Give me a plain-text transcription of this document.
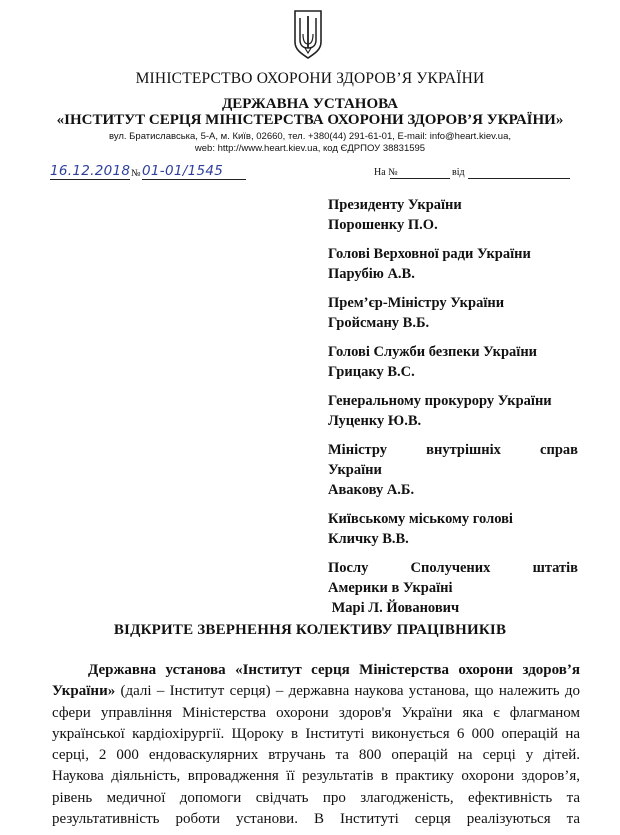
МІНІСТЕРСТВО ОХОРОНИ ЗДОРОВ’Я УКРАЇНИ
ДЕРЖАВНА УСТАНОВА
«ІНСТИТУТ СЕРЦЯ МІНІСТЕРСТВА ОХОРОНИ ЗДОРОВ’Я УКРАЇНИ»
вул. Братиславська, 5-А, м. Київ, 02660, тел. +380(44) 291-61-01, E-mail: info@heart.kiev.ua,
web: http://www.heart.kiev.ua, код ЄДРПОУ 38831595
16.12.2018 № 01-01/1545	На №	від
Президенту України
Порошенку П.О.
Голові Верховної ради України
Парубію А.В.
Прем’єр-Міністру України
Гройсману В.Б.
Голові Служби безпеки України
Грицаку В.С.
Генеральному прокурору України
Луценку Ю.В.
Міністру	внутрішніх	справ
України
Авакову А.Б.
Київському міському голові
Кличку В.В.
Послу	Сполучених	штатів
Америки в Україні
Марі Л. Йованович
ВІДКРИТЕ ЗВЕРНЕННЯ КОЛЕКТИВУ ПРАЦІВНИКІВ
Державна установа «Інститут серця Міністерства охорони здоров’я
України» (далі – Інститут серця) – державна наукова установа, що належить до
сфери управління Міністерства охорони здоров'я України яка є флагманом
української кардіохірургії. Щороку в Інституті виконується 6 000 операцій на
серці, 2 000 ендоваскулярних втручань та 800 операцій на серці у дітей.
Наукова діяльність, впровадження її результатів в практику охорони здоров’я,
рівень медичної допомоги свідчать про злагодженість, ефективність та
результативність роботи установи. В Інституті серця реалізуються та
